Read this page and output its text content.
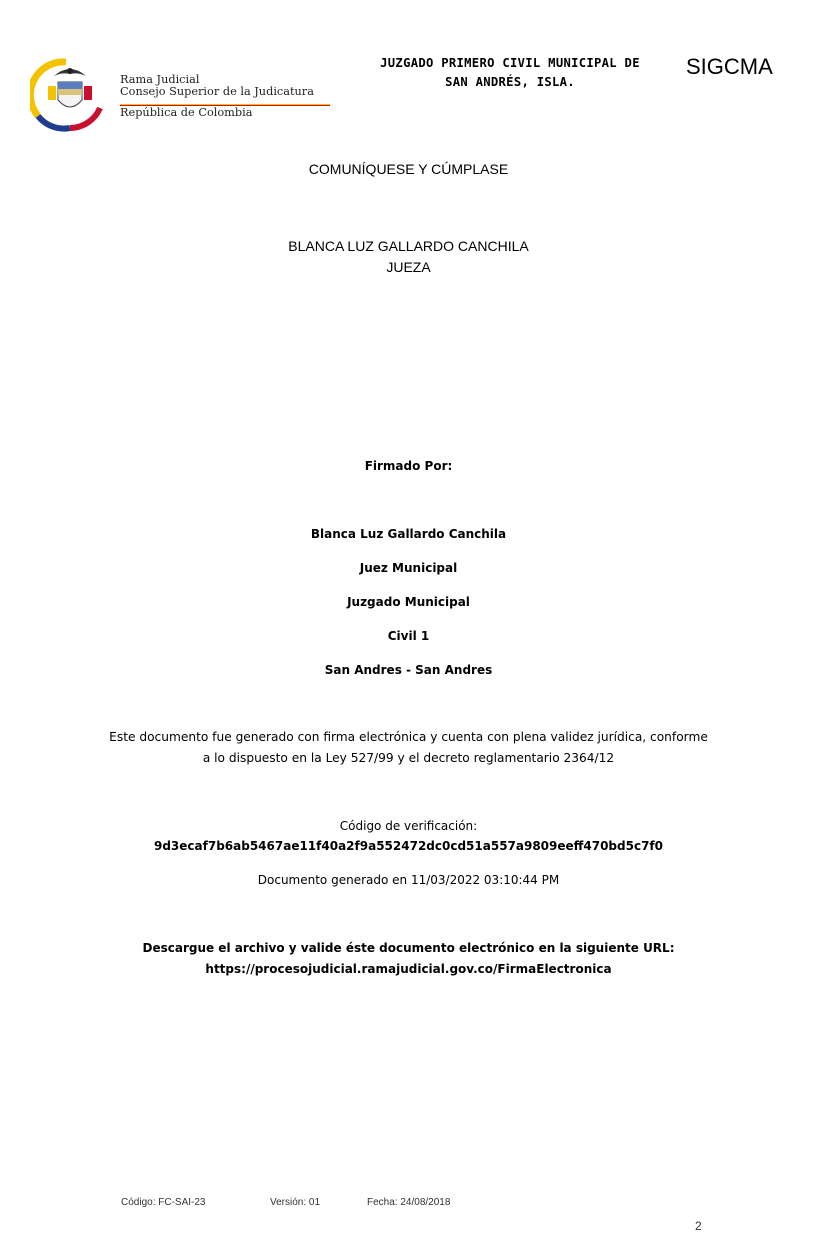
Rama Judicial
Consejo Superior de la Judicatura
República de Colombia
JUZGADO PRIMERO CIVIL MUNICIPAL DE
SAN ANDRÉS, ISLA.
SIGCMA
COMUNÍQUESE Y CÚMPLASE
BLANCA LUZ GALLARDO CANCHILA
JUEZA
Firmado Por:
Blanca Luz Gallardo Canchila
Juez Municipal
Juzgado Municipal
Civil 1
San Andres - San Andres
Este documento fue generado con firma electrónica y cuenta con plena validez jurídica, conforme
a lo dispuesto en la Ley 527/99 y el decreto reglamentario 2364/12
Código de verificación:
9d3ecaf7b6ab5467ae11f40a2f9a552472dc0cd51a557a9809eeff470bd5c7f0
Documento generado en 11/03/2022 03:10:44 PM
Descargue el archivo y valide éste documento electrónico en la siguiente URL:
https://procesojudicial.ramajudicial.gov.co/FirmaElectronica
Código: FC-SAI-23	Versión: 01	Fecha: 24/08/2018
2
